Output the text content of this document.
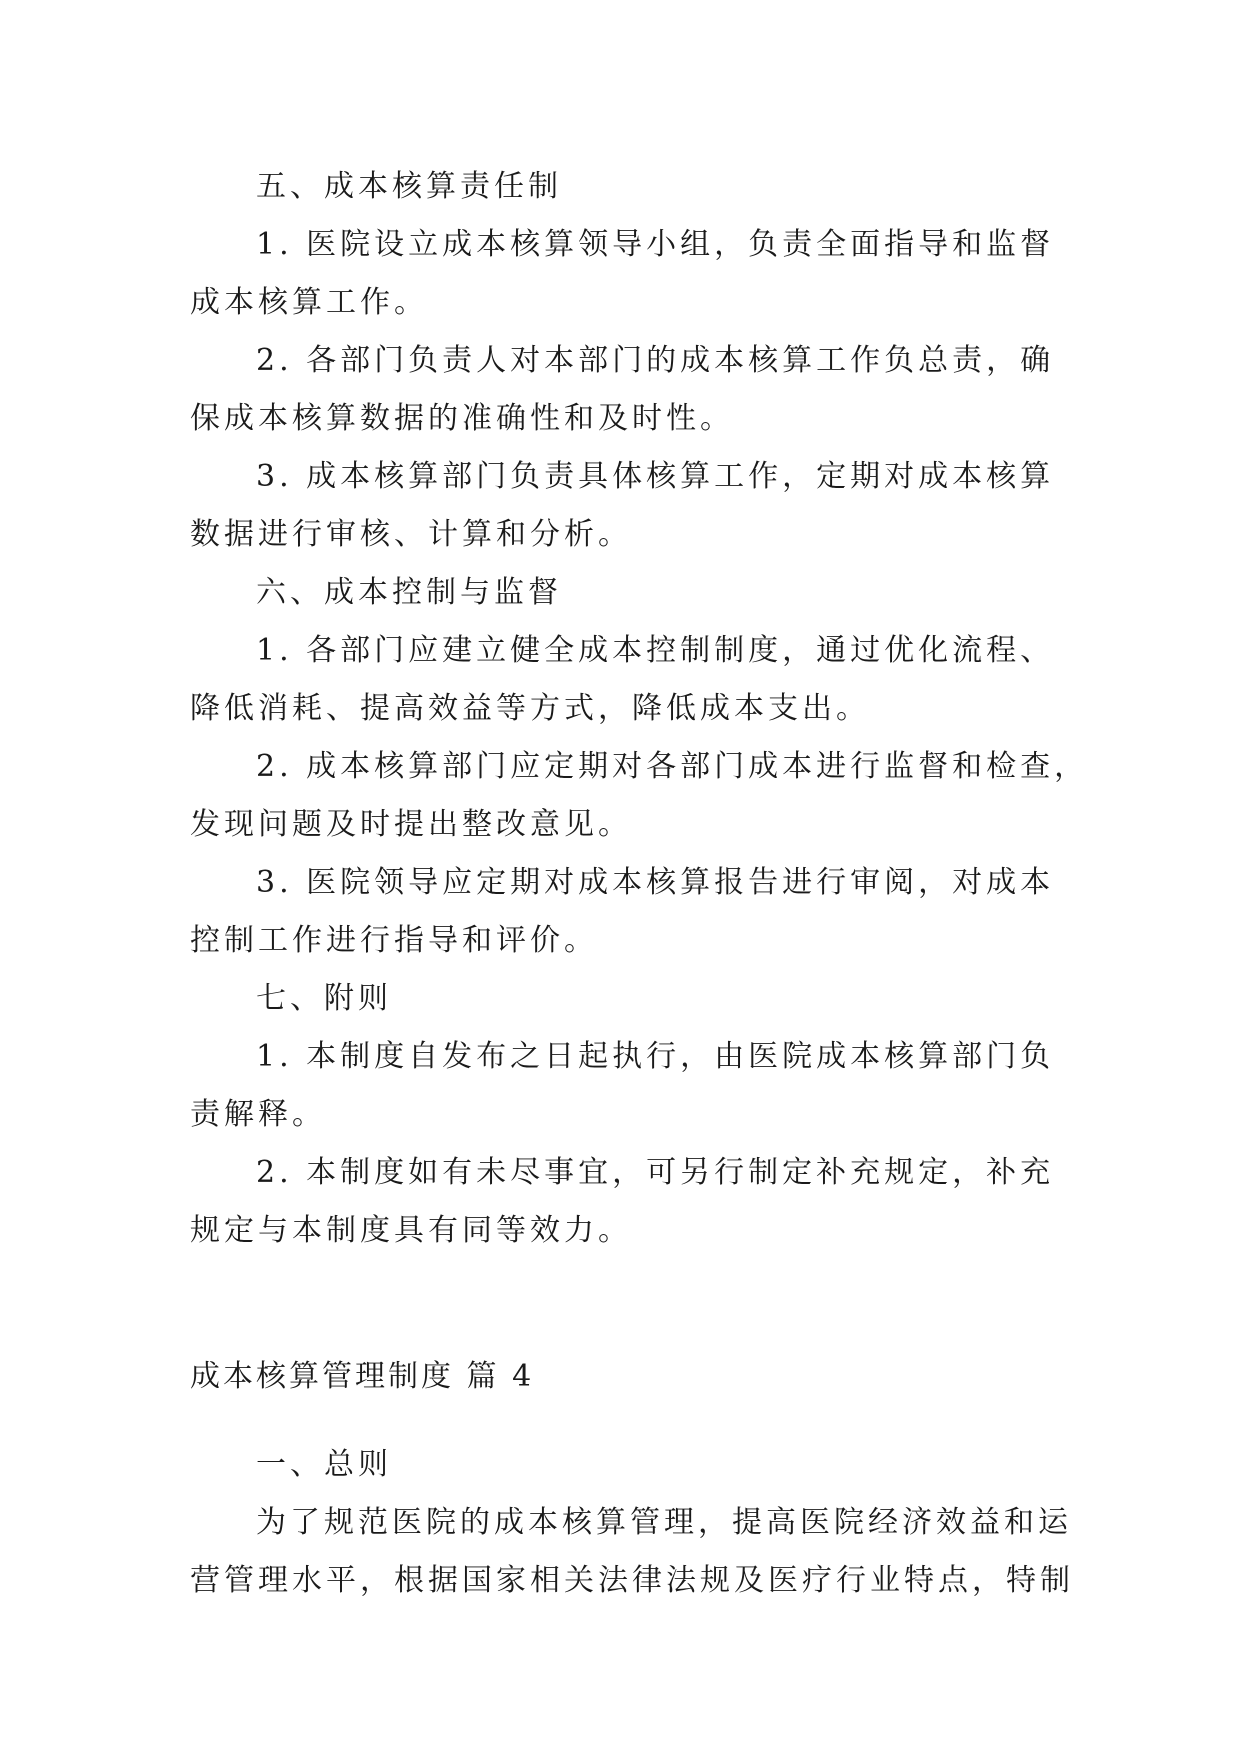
五、成本核算责任制

1. 医院设立成本核算领导小组，负责全面指导和监督

成本核算工作。

2. 各部门负责人对本部门的成本核算工作负总责，确

保成本核算数据的准确性和及时性。

3. 成本核算部门负责具体核算工作，定期对成本核算

数据进行审核、计算和分析。

六、成本控制与监督

1. 各部门应建立健全成本控制制度，通过优化流程、

降低消耗、提高效益等方式，降低成本支出。

2. 成本核算部门应定期对各部门成本进行监督和检查，

发现问题及时提出整改意见。

3. 医院领导应定期对成本核算报告进行审阅，对成本

控制工作进行指导和评价。

七、附则

1. 本制度自发布之日起执行，由医院成本核算部门负

责解释。

2. 本制度如有未尽事宜，可另行制定补充规定，补充

规定与本制度具有同等效力。

成本核算管理制度 篇 4

一、总则

为了规范医院的成本核算管理，提高医院经济效益和运

营管理水平，根据国家相关法律法规及医疗行业特点，特制
